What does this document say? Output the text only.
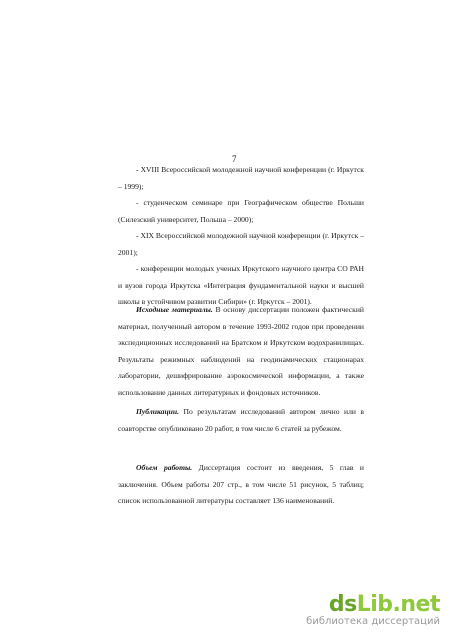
7
- XVIII Всероссийской молодежной научной конференции (г. Иркутск – 1999);
- студенческом семинаре при Географическом обществе Польши (Силезский университет, Польша – 2000);
- XIX Всероссийской молодежной научной конференции (г. Иркутск – 2001);
- конференции молодых ученых Иркутского научного центра СО РАН и вузов города Иркутска «Интеграция фундаментальной науки и высшей школы в устойчивом развитии Сибири» (г. Иркутск – 2001).
Исходные материалы. В основу диссертации положен фактический материал, полученный автором в течение 1993-2002 годов при проведении экспедиционных исследований на Братском и Иркутском водохранилищах. Результаты режимных наблюдений на геодинамических стационарах лаборатории, дешифрирование аэрокосмической информации, а также использование данных литературных и фондовых источников.
Публикации. По результатам исследований автором лично или в соавторстве опубликовано 20 работ, в том числе 6 статей за рубежом.
Объем работы. Диссертация состоит из введения, 5 глав и заключения. Объем работы 207 стр., в том числе 51 рисунок, 5 таблиц; список использованной литературы составляет 136 наименований.
dsLib.net
библиотека диссертаций
